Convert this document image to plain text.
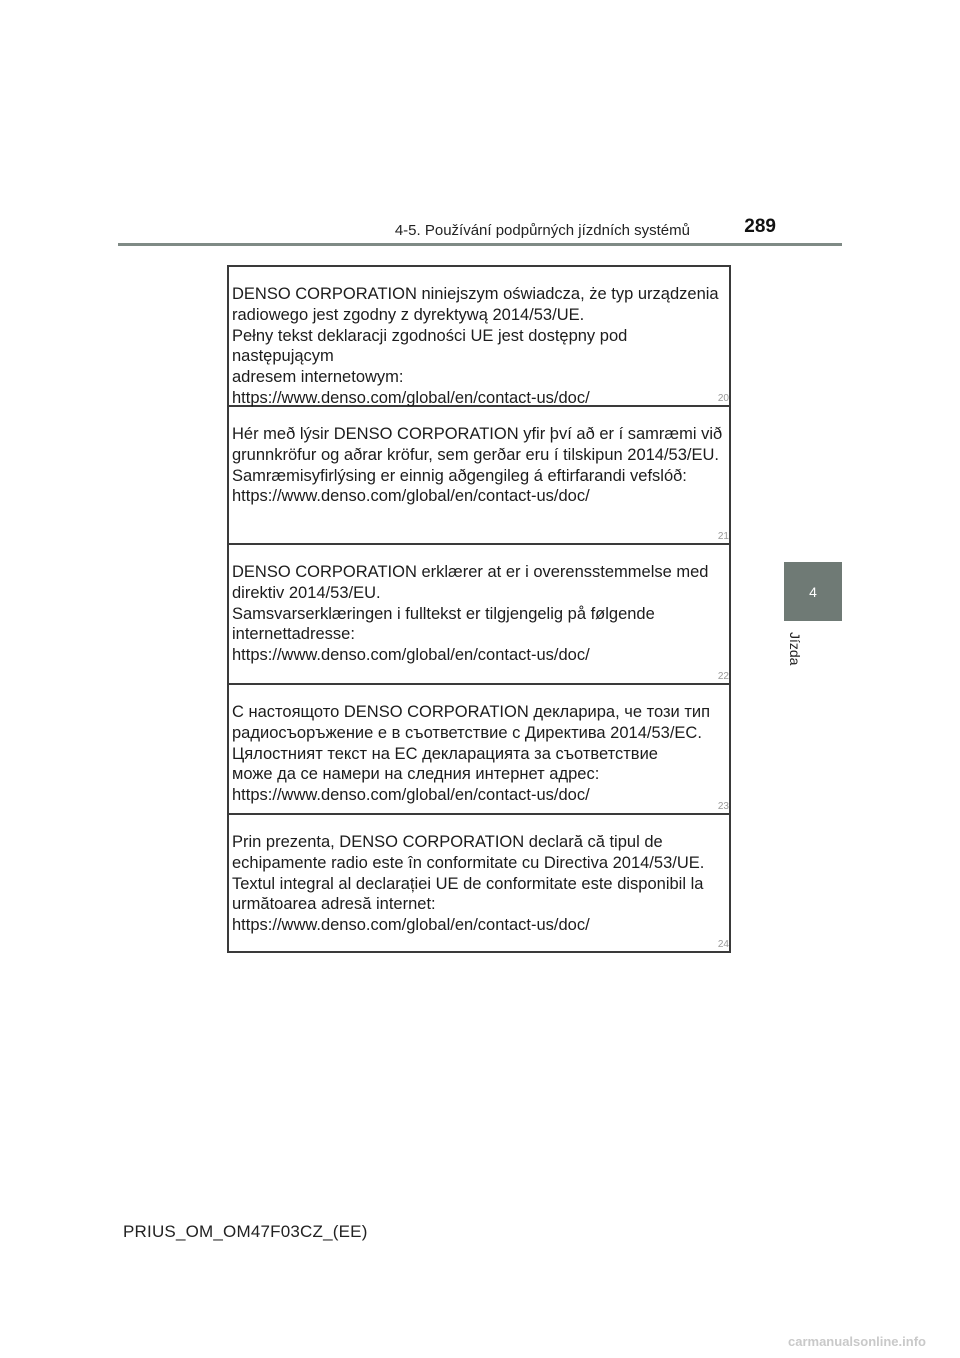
4-5. Používání podpůrných jízdních systémů	289
4
Jízda
DENSO CORPORATION niniejszym oświadcza, że typ urządzenia
radiowego jest zgodny z dyrektywą 2014/53/UE.
Pełny tekst deklaracji zgodności UE jest dostępny pod następującym
adresem internetowym:
https://www.denso.com/global/en/contact-us/doc/	20
Hér með lýsir DENSO CORPORATION yfir því að er í samræmi við
grunnkröfur og aðrar kröfur, sem gerðar eru í tilskipun 2014/53/EU.
Samræmisyfirlýsing er einnig aðgengileg á eftirfarandi vefslóð:
https://www.denso.com/global/en/contact-us/doc/
21
DENSO CORPORATION erklærer at er i overensstemmelse med
direktiv 2014/53/EU.
Samsvarserklæringen i fulltekst er tilgjengelig på følgende
internettadresse:
https://www.denso.com/global/en/contact-us/doc/
22
С настоящото DENSO CORPORATION декларира, че този тип
радиосъоръжение е в съответствие с Директива 2014/53/ЕС.
Цялостният текст на ЕС декларацията за съответствие
може да се намери на следния интернет адрес:
https://www.denso.com/global/en/contact-us/doc/
23
Prin prezenta, DENSO CORPORATION declară că tipul de
echipamente radio este în conformitate cu Directiva 2014/53/UE.
Textul integral al declarației UE de conformitate este disponibil la
următoarea adresă internet:
https://www.denso.com/global/en/contact-us/doc/
24
PRIUS_OM_OM47F03CZ_(EE)
carmanualsonline.info
